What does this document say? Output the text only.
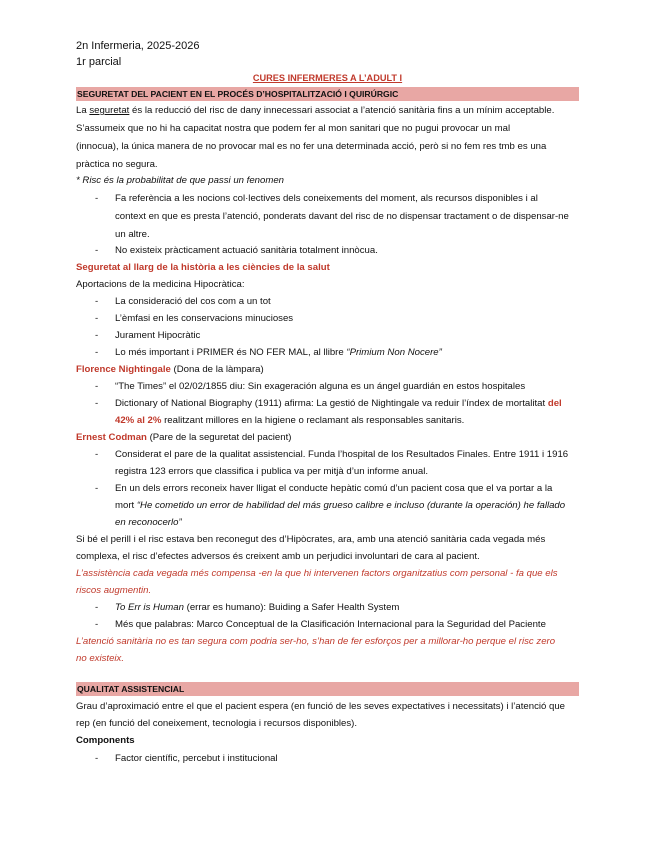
2n Infermeria, 2025-2026
1r parcial
CURES INFERMERES A L’ADULT I
SEGURETAT DEL PACIENT EN EL PROCÉS D’HOSPITALITZACIÓ I QUIRÚRGIC
La seguretat és la reducció del risc de dany innecessari associat a l’atenció sanitària fins a un mínim acceptable.
S’assumeix que no hi ha capacitat nostra que podem fer al mon sanitari que no pugui provocar un mal
(innocua), la única manera de no provocar mal es no fer una determinada acció, però si no fem res tmb es una
pràctica no segura.
* Risc és la probabilitat de que passi un fenomen
- Fa referència a les nocions col·lectives dels coneixements del moment, als recursos disponibles i al
context en que es presta l’atenció, ponderats davant del risc de no dispensar tractament o de dispensar-ne
un altre.
- No existeix pràcticament actuació sanitària totalment innòcua.
Seguretat al llarg de la història a les ciències de la salut
Aportacions de la medicina Hipocràtica:
- La consideració del cos com a un tot
- L’èmfasi en les conservacions minucioses
- Jurament Hipocràtic
- Lo més important i PRIMER és NO FER MAL, al llibre “Primium Non Nocere”
Florence Nightingale (Dona de la làmpara)
- “The Times” el 02/02/1855 diu: Sin exageración alguna es un ángel guardián en estos hospitales
- Dictionary of National Biography (1911) afirma: La gestió de Nightingale va reduir l’índex de mortalitat del
42% al 2% realitzant millores en la higiene o reclamant als responsables sanitaris.
Ernest Codman (Pare de la seguretat del pacient)
- Considerat el pare de la qualitat assistencial. Funda l’hospital de los Resultados Finales. Entre 1911 i 1916
registra 123 errors que classifica i publica va per mitjà d’un informe anual.
- En un dels errors reconeix haver lligat el conducte hepàtic comú d’un pacient cosa que el va portar a la
mort “He cometido un error de habilidad del más grueso calibre e incluso (durante la operación) he fallado
en reconocerlo”
Si bé el perill i el risc estava ben reconegut des d’Hipòcrates, ara, amb una atenció sanitària cada vegada més
complexa, el risc d’efectes adversos és creixent amb un perjudici involuntari de cara al pacient.
L’assistència cada vegada més compensa -en la que hi intervenen factors organitzatius com personal - fa que els
riscos augmentin.
- To Err is Human (errar es humano): Buiding a Safer Health System
- Més que palabras: Marco Conceptual de la Clasificación Internacional para la Seguridad del Paciente
L’atenció sanitària no es tan segura com podria ser-ho, s’han de fer esforços per a millorar-ho perque el risc zero
no existeix.
QUALITAT ASSISTENCIAL
Grau d’aproximació entre el que el pacient espera (en funció de les seves expectatives i necessitats) i l’atenció que
rep (en funció del coneixement, tecnologia i recursos disponibles).
Components
- Factor científic, percebut i institucional
